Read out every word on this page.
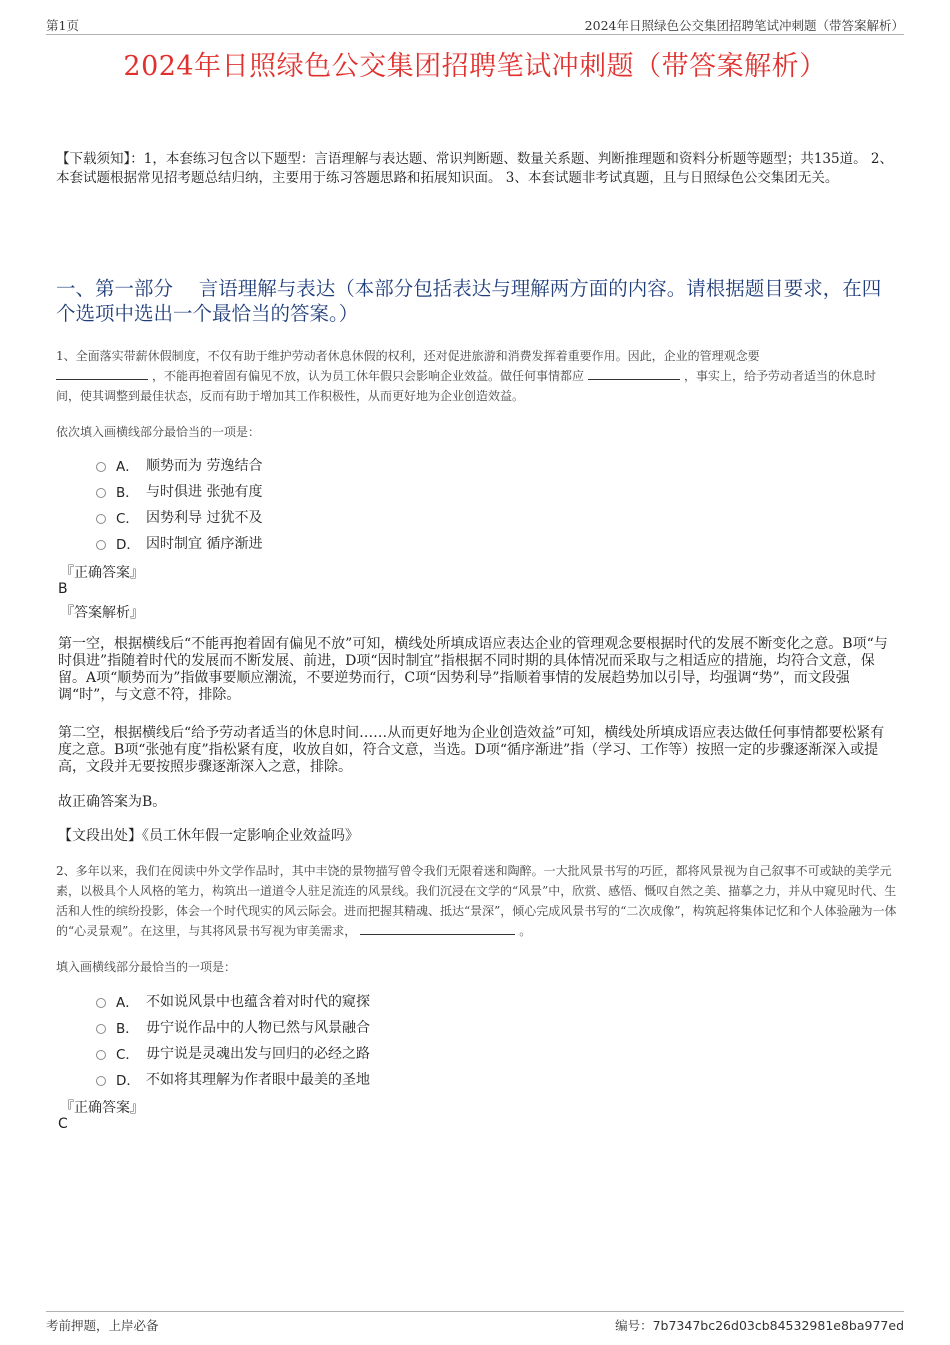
第1页	2024年日照绿色公交集团招聘笔试冲刺题（带答案解析）
2024年日照绿色公交集团招聘笔试冲刺题（带答案解析）
【下载须知】：1，本套练习包含以下题型：言语理解与表达题、常识判断题、数量关系题、判断推理题和资料分析题等题型；共135道。 2、本套试题根据常见招考题总结归纳，主要用于练习答题思路和拓展知识面。 3、本套试题非考试真题，且与日照绿色公交集团无关。
一、第一部分　 言语理解与表达（本部分包括表达与理解两方面的内容。请根据题目要求，在四个选项中选出一个最恰当的答案。）
1、全面落实带薪休假制度，不仅有助于维护劳动者休息休假的权利，还对促进旅游和消费发挥着重要作用。因此，企业的管理观念要
，不能再抱着固有偏见不放，认为员工休年假只会影响企业效益。做任何事情都应	，事实上，给予劳动者适当的休息时间，使其调整到最佳状态，反而有助于增加其工作积极性，从而更好地为企业创造效益。
依次填入画横线部分最恰当的一项是：
A． 顺势而为 劳逸结合
B． 与时俱进 张弛有度
C． 因势利导 过犹不及
D． 因时制宜 循序渐进
『正确答案』
B
『答案解析』

第一空，根据横线后“不能再抱着固有偏见不放”可知，横线处所填成语应表达企业的管理观念要根据时代的发展不断变化之意。B项“与时俱进”指随着时代的发展而不断发展、前进，D项“因时制宜”指根据不同时期的具体情况而采取与之相适应的措施，均符合文意，保留。A项“顺势而为”指做事要顺应潮流，不要逆势而行，C项“因势利导”指顺着事情的发展趋势加以引导，均强调“势”，而文段强调“时”，与文意不符，排除。

第二空，根据横线后“给予劳动者适当的休息时间……从而更好地为企业创造效益”可知，横线处所填成语应表达做任何事情都要松紧有度之意。B项“张弛有度”指松紧有度，收放自如，符合文意，当选。D项“循序渐进”指（学习、工作等）按照一定的步骤逐渐深入或提高，文段并无要按照步骤逐渐深入之意，排除。

故正确答案为B。

【文段出处】《员工休年假一定影响企业效益吗》

2、多年以来，我们在阅读中外文学作品时，其中丰饶的景物描写曾令我们无限着迷和陶醉。一大批风景书写的巧匠，都将风景视为自己叙事不可或缺的美学元素，以极具个人风格的笔力，构筑出一道道令人驻足流连的风景线。我们沉浸在文学的“风景”中，欣赏、感悟、慨叹自然之美、描摹之力，并从中窥见时代、生活和人性的缤纷投影，体会一个时代现实的风云际会。进而把握其精魂、抵达“景深”，倾心完成风景书写的“二次成像”，构筑起将集体记忆和个人体验融为一体的“心灵景观”。在这里，与其将风景书写视为审美需求，	。
填入画横线部分最恰当的一项是：
A． 不如说风景中也蕴含着对时代的窥探
B． 毋宁说作品中的人物已然与风景融合
C． 毋宁说是灵魂出发与回归的必经之路
D． 不如将其理解为作者眼中最美的圣地
『正确答案』
C
考前押题，上岸必备	编号：7b7347bc26d03cb84532981e8ba977ed
